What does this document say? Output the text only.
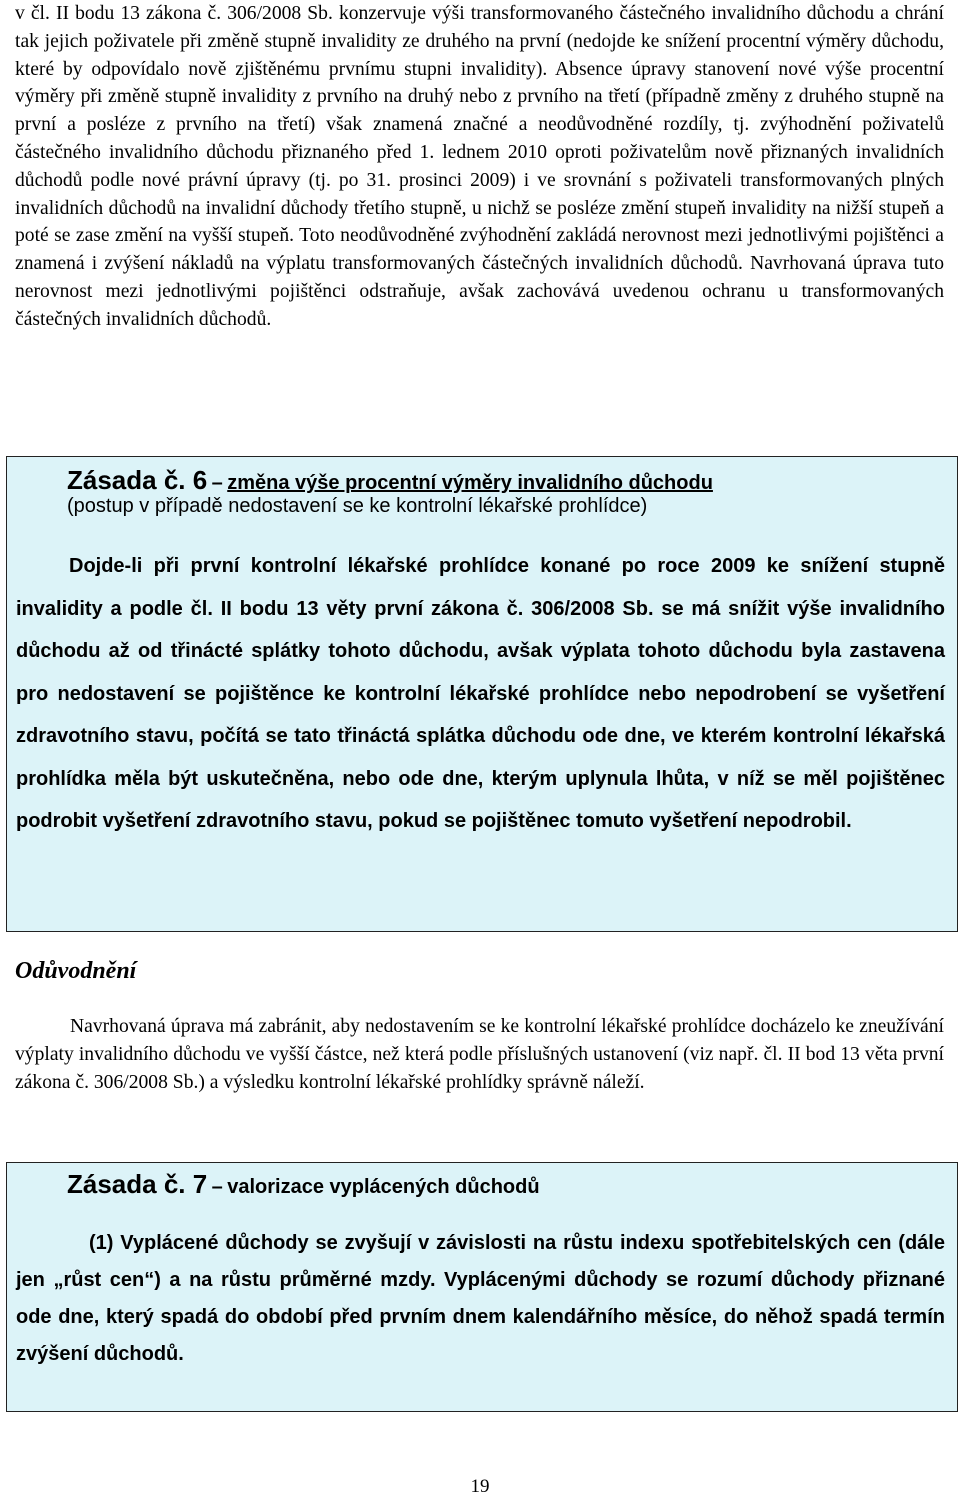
v čl. II bodu 13 zákona č. 306/2008 Sb. konzervuje výši transformovaného částečného invalidního důchodu a chrání tak jejich poživatele při změně stupně invalidity ze druhého na první (nedojde ke snížení procentní výměry důchodu, které by odpovídalo nově zjištěnému prvnímu stupni invalidity). Absence úpravy stanovení nové výše procentní výměry při změně stupně invalidity z prvního na druhý nebo z prvního na třetí (případně změny z druhého stupně na první a posléze z prvního na třetí) však znamená značné a neodůvodněné rozdíly, tj. zvýhodnění poživatelů částečného invalidního důchodu přiznaného před 1. lednem 2010 oproti poživatelům nově přiznaných invalidních důchodů podle nové právní úpravy (tj. po 31. prosinci 2009) i ve srovnání s poživateli transformovaných plných invalidních důchodů na invalidní důchody třetího stupně, u nichž se posléze změní stupeň invalidity na nižší stupeň a poté se zase změní na vyšší stupeň. Toto neodůvodněné zvýhodnění zakládá nerovnost mezi jednotlivými pojištěnci a znamená i zvýšení nákladů na výplatu transformovaných částečných invalidních důchodů. Navrhovaná úprava tuto nerovnost mezi jednotlivými pojištěnci odstraňuje, avšak zachovává uvedenou ochranu u transformovaných částečných invalidních důchodů.

Zásada č. 6 – změna výše procentní výměry invalidního důchodu
(postup v případě nedostavení se ke kontrolní lékařské prohlídce)

Dojde-li při první kontrolní lékařské prohlídce konané po roce 2009 ke snížení stupně invalidity a podle čl. II bodu 13 věty první zákona č. 306/2008 Sb. se má snížit výše invalidního důchodu až od třinácté splátky tohoto důchodu, avšak výplata tohoto důchodu byla zastavena pro nedostavení se pojištěnce ke kontrolní lékařské prohlídce nebo nepodrobení se vyšetření zdravotního stavu, počítá se tato třináctá splátka důchodu ode dne, ve kterém kontrolní lékařská prohlídka měla být uskutečněna, nebo ode dne, kterým uplynula lhůta, v níž se měl pojištěnec podrobit vyšetření zdravotního stavu, pokud se pojištěnec tomuto vyšetření nepodrobil.

Odůvodnění

Navrhovaná úprava má zabránit, aby nedostavením se ke kontrolní lékařské prohlídce docházelo ke zneužívání výplaty invalidního důchodu ve vyšší částce, než která podle příslušných ustanovení (viz např. čl. II bod 13 věta první zákona č. 306/2008 Sb.) a výsledku kontrolní lékařské prohlídky správně náleží.

Zásada č. 7 – valorizace vyplácených důchodů

(1) Vyplácené důchody se zvyšují v závislosti na růstu indexu spotřebitelských cen (dále jen „růst cen“) a na růstu průměrné mzdy. Vyplácenými důchody se rozumí důchody přiznané ode dne, který spadá do období před prvním dnem kalendářního měsíce, do něhož spadá termín zvýšení důchodů.

19
